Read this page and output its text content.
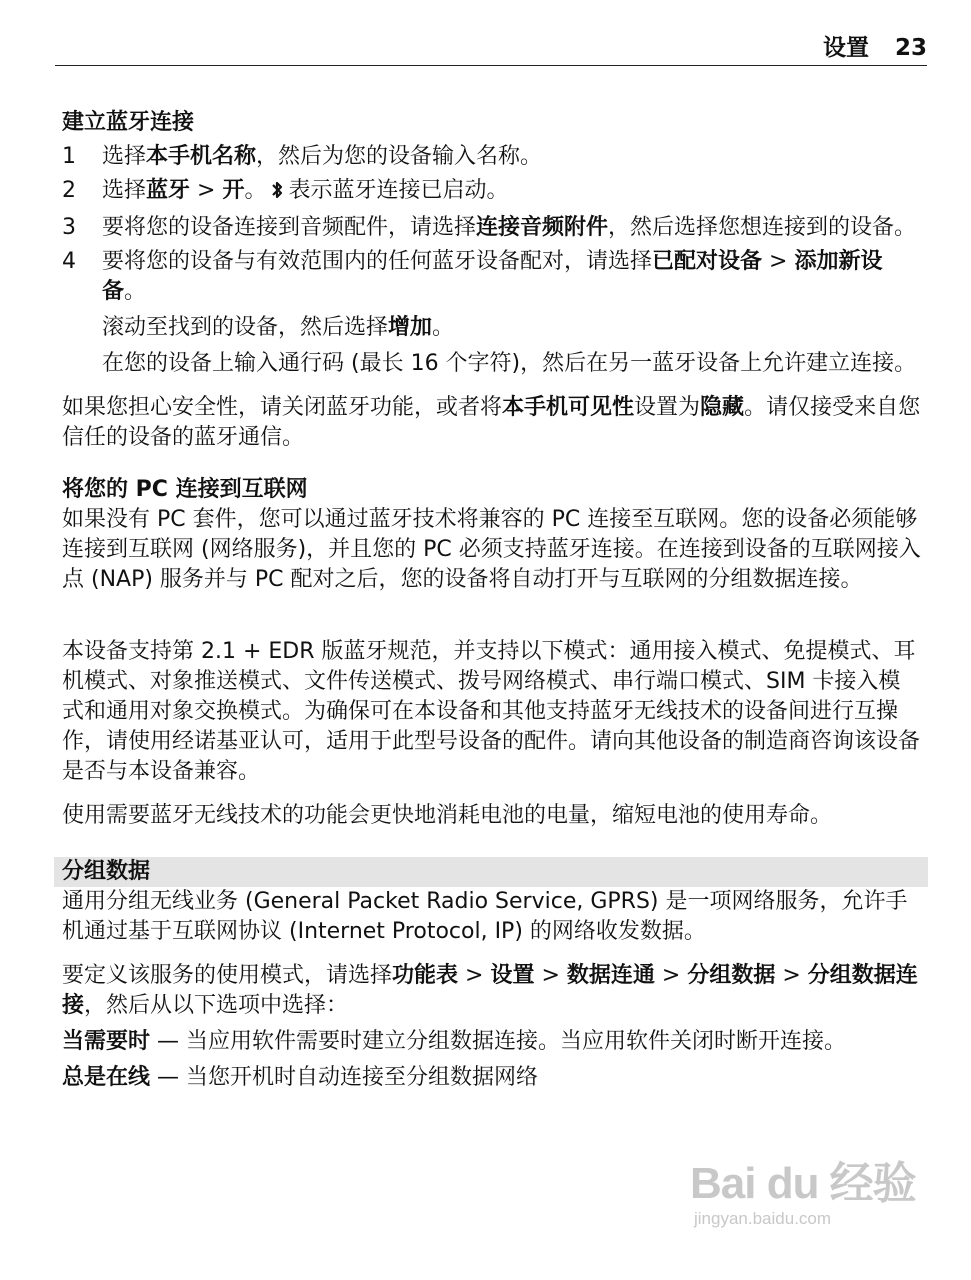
设置 23
建立蓝牙连接
1	选择本手机名称，然后为您的设备输入名称。
2	选择蓝牙 > 开。 表示蓝牙连接已启动。
3	要将您的设备连接到音频配件，请选择连接音频附件，然后选择您想连接到的设备。
4	要将您的设备与有效范围内的任何蓝牙设备配对，请选择已配对设备 > 添加新设备。

滚动至找到的设备，然后选择增加。

在您的设备上输入通行码 (最长 16 个字符)，然后在另一蓝牙设备上允许建立连接。

如果您担心安全性，请关闭蓝牙功能，或者将本手机可见性设置为隐藏。请仅接受来自您信任的设备的蓝牙通信。

将您的 PC 连接到互联网

如果没有 PC 套件，您可以通过蓝牙技术将兼容的 PC 连接至互联网。您的设备必须能够连接到互联网 (网络服务)，并且您的 PC 必须支持蓝牙连接。在连接到设备的互联网接入点 (NAP) 服务并与 PC 配对之后，您的设备将自动打开与互联网的分组数据连接。

本设备支持第 2.1 + EDR 版蓝牙规范，并支持以下模式：通用接入模式、免提模式、耳机模式、对象推送模式、文件传送模式、拨号网络模式、串行端口模式、SIM 卡接入模式和通用对象交换模式。为确保可在本设备和其他支持蓝牙无线技术的设备间进行互操作，请使用经诺基亚认可，适用于此型号设备的配件。请向其他设备的制造商咨询该设备是否与本设备兼容。

使用需要蓝牙无线技术的功能会更快地消耗电池的电量，缩短电池的使用寿命。

分组数据

通用分组无线业务 (General Packet Radio Service, GPRS) 是一项网络服务，允许手机通过基于互联网协议 (Internet Protocol, IP) 的网络收发数据。

要定义该服务的使用模式，请选择功能表 > 设置 > 数据连通 > 分组数据 > 分组数据连接，然后从以下选项中选择：

当需要时 — 当应用软件需要时建立分组数据连接。当应用软件关闭时断开连接。

总是在线 — 当您开机时自动连接至分组数据网络

Bai du 经验
jingyan.baidu.com
